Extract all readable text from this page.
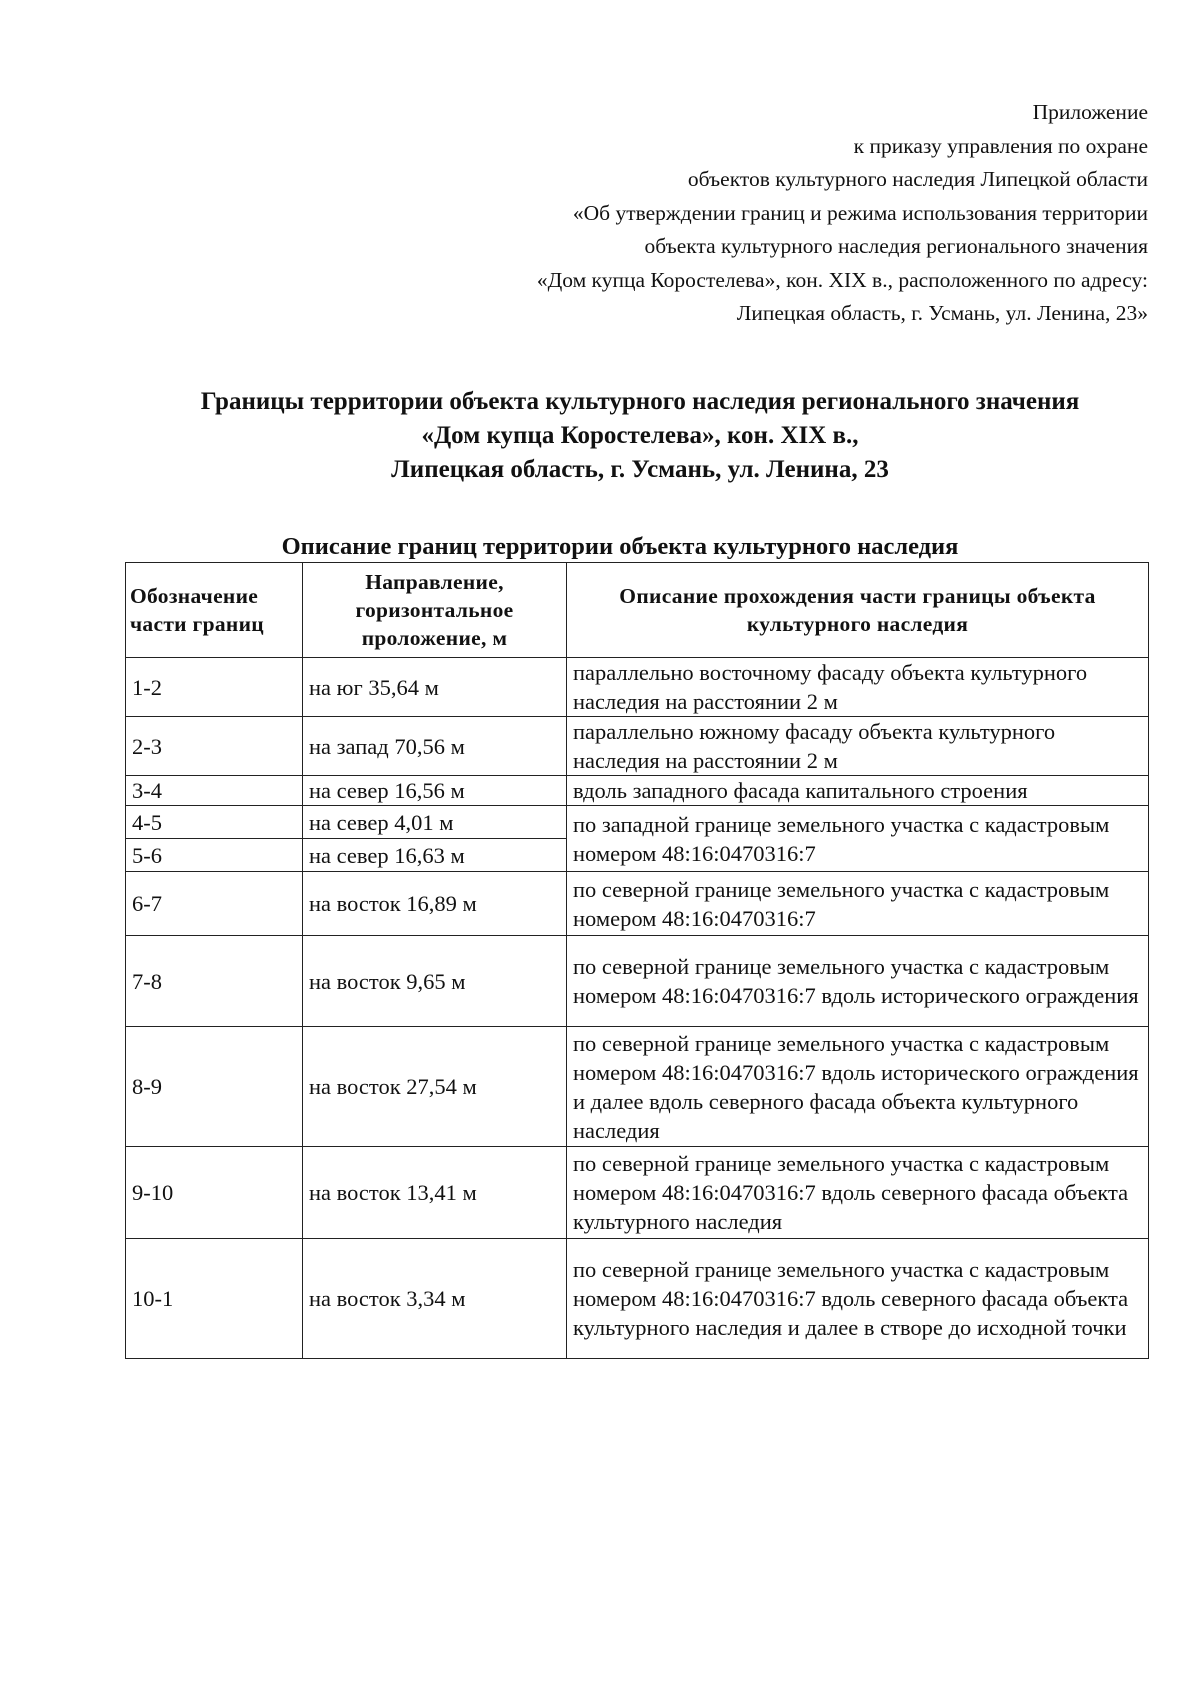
Приложение
к приказу управления по охране
объектов культурного наследия Липецкой области
«Об утверждении границ и режима использования территории
объекта культурного наследия регионального значения
«Дом купца Коростелева», кон. XIX в., расположенного по адресу:
Липецкая область, г. Усмань, ул. Ленина, 23»
Границы территории объекта культурного наследия регионального значения
«Дом купца Коростелева», кон. XIX в.,
Липецкая область, г. Усмань, ул. Ленина, 23
Описание границ территории объекта культурного наследия
Обозначение части границ	Направление, горизонтальное проложение, м	Описание прохождения части границы объекта культурного наследия
1-2	на юг 35,64 м	параллельно восточному фасаду объекта культурного наследия на расстоянии 2 м
2-3	на запад 70,56 м	параллельно южному фасаду объекта культурного наследия на расстоянии 2 м
3-4	на север 16,56 м	вдоль западного фасада капитального строения
4-5	на север 4,01 м	по западной границе земельного участка с кадастровым номером 48:16:0470316:7
5-6	на север 16,63 м	
6-7	на восток 16,89 м	по северной границе земельного участка с кадастровым номером 48:16:0470316:7
7-8	на восток 9,65 м	по северной границе земельного участка с кадастровым номером 48:16:0470316:7 вдоль исторического ограждения
8-9	на восток 27,54 м	по северной границе земельного участка с кадастровым номером 48:16:0470316:7 вдоль исторического ограждения и далее вдоль северного фасада объекта культурного наследия
9-10	на восток 13,41 м	по северной границе земельного участка с кадастровым номером 48:16:0470316:7 вдоль северного фасада объекта культурного наследия
10-1	на восток 3,34 м	по северной границе земельного участка с кадастровым номером 48:16:0470316:7 вдоль северного фасада объекта культурного наследия и далее в створе до исходной точки
